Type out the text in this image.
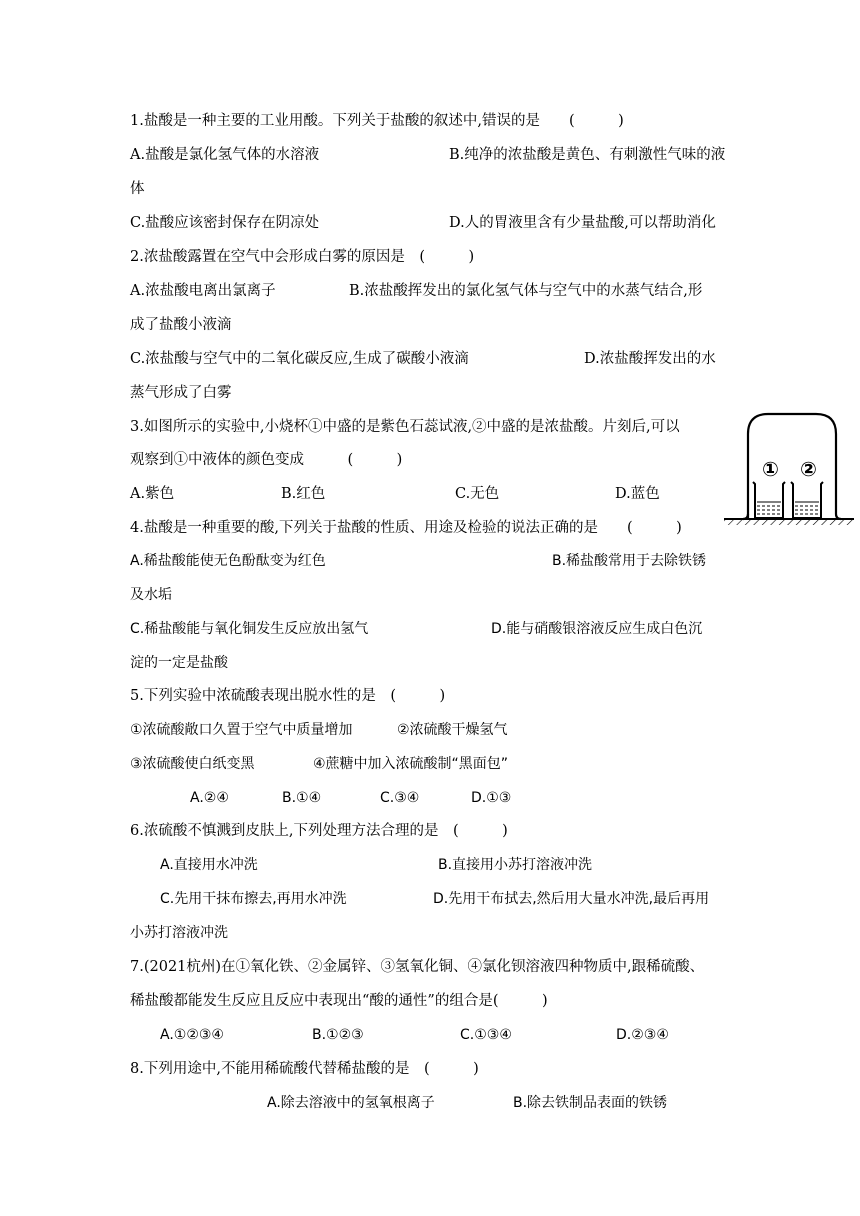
1.盐酸是一种主要的工业用酸。下列关于盐酸的叙述中,错误的是　　(　　　)
A.盐酸是氯化氢气体的水溶液	B.纯净的浓盐酸是黄色、有刺激性气味的液
体
C.盐酸应该密封保存在阴凉处	D.人的胃液里含有少量盐酸,可以帮助消化
2.浓盐酸露置在空气中会形成白雾的原因是　(　　　)
A.浓盐酸电离出氯离子	B.浓盐酸挥发出的氯化氢气体与空气中的水蒸气结合,形
成了盐酸小液滴
C.浓盐酸与空气中的二氧化碳反应,生成了碳酸小液滴	D.浓盐酸挥发出的水
蒸气形成了白雾
3.如图所示的实验中,小烧杯①中盛的是紫色石蕊试液,②中盛的是浓盐酸。片刻后,可以
观察到①中液体的颜色变成　　　(　　　)
A.紫色	B.红色	C.无色	D.蓝色
① ②
4.盐酸是一种重要的酸,下列关于盐酸的性质、用途及检验的说法正确的是　　(　　　)
A.稀盐酸能使无色酚酞变为红色	B.稀盐酸常用于去除铁锈
及水垢
C.稀盐酸能与氧化铜发生反应放出氢气	D.能与硝酸银溶液反应生成白色沉
淀的一定是盐酸
5.下列实验中浓硫酸表现出脱水性的是　(　　　)
①浓硫酸敞口久置于空气中质量增加	②浓硫酸干燥氢气
③浓硫酸使白纸变黑	④蔗糖中加入浓硫酸制“黑面包”
A.②④	B.①④	C.③④	D.①③
6.浓硫酸不慎溅到皮肤上,下列处理方法合理的是　(　　　)
A.直接用水冲洗	B.直接用小苏打溶液冲洗
C.先用干抹布擦去,再用水冲洗	D.先用干布拭去,然后用大量水冲洗,最后再用
小苏打溶液冲洗
7.(2021杭州)在①氧化铁、②金属锌、③氢氧化铜、④氯化钡溶液四种物质中,跟稀硫酸、
稀盐酸都能发生反应且反应中表现出“酸的通性”的组合是(　　　)
A.①②③④	B.①②③	C.①③④	D.②③④
8.下列用途中,不能用稀硫酸代替稀盐酸的是　(　　　)
A.除去溶液中的氢氧根离子	B.除去铁制品表面的铁锈
